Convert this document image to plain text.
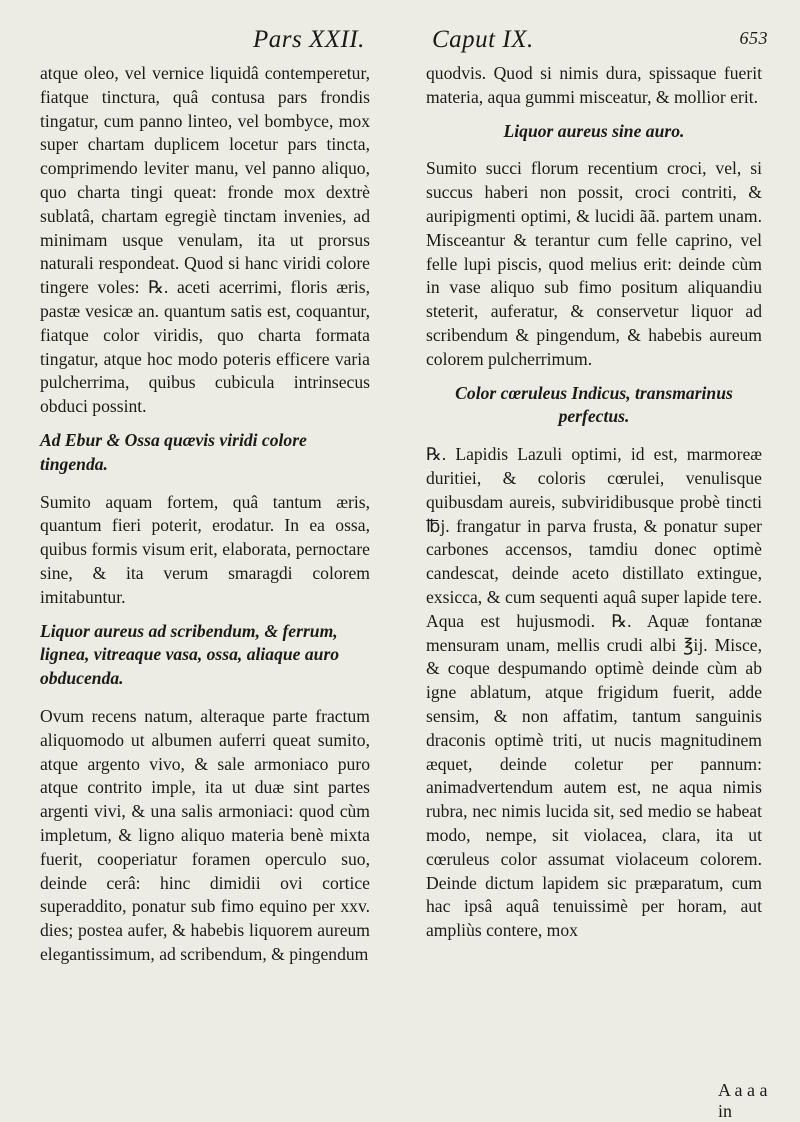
Pars XXII.	Caput IX.	653

atque oleo, vel vernice liquidâ contemperetur, fiatque tinctura, quâ contusa pars frondis tingatur, cum panno linteo, vel bombyce, mox super chartam duplicem locetur pars tincta, comprimendo leviter manu, vel panno aliquo, quo charta tingi queat: fronde mox dextrè sublatâ, chartam egregiè tinctam invenies, ad minimam usque venulam, ita ut prorsus naturali respondeat. Quod si hanc viridi colore tingere voles: ℞. aceti acerrimi, floris æris, pastæ vesicæ an. quantum satis est, coquantur, fiatque color viridis, quo charta formata tingatur, atque hoc modo poteris efficere varia pulcherrima, quibus cubicula intrinsecus obduci possint.

Ad Ebur & Ossa quævis viridi colore tingenda.

Sumito aquam fortem, quâ tantum æris, quantum fieri poterit, erodatur. In ea ossa, quibus formis visum erit, elaborata, pernoctare sine, & ita verum smaragdi colorem imitabuntur.

Liquor aureus ad scribendum, & ferrum, lignea, vitreaque vasa, ossa, aliaque auro obducenda.

Ovum recens natum, alteraque parte fractum aliquomodo ut albumen auferri queat sumito, atque argento vivo, & sale armoniaco puro atque contrito imple, ita ut duæ sint partes argenti vivi, & una salis armoniaci: quod cùm impletum, & ligno aliquo materia benè mixta fuerit, cooperiatur foramen operculo suo, deinde cerâ: hinc dimidii ovi cortice superaddito, ponatur sub fimo equino per xxv. dies; postea aufer, & habebis liquorem aureum elegantissimum, ad scribendum, & pingendum

quodvis. Quod si nimis dura, spissaque fuerit materia, aqua gummi misceatur, & mollior erit.

Liquor aureus sine auro.

Sumito succi florum recentium croci, vel, si succus haberi non possit, croci contriti, & auripigmenti optimi, & lucidi ãã. partem unam. Misceantur & terantur cum felle caprino, vel felle lupi piscis, quod melius erit: deinde cùm in vase aliquo sub fimo positum aliquandiu steterit, auferatur, & conservetur liquor ad scribendum & pingendum, & habebis aureum colorem pulcherrimum.

Color cœruleus Indicus, transmarinus perfectus.

℞. Lapidis Lazuli optimi, id est, marmoreæ duritiei, & coloris cœrulei, venulisque quibusdam aureis, subviridibusque probè tincti ℔j. frangatur in parva frusta, & ponatur super carbones accensos, tamdiu donec optimè candescat, deinde aceto distillato extingue, exsicca, & cum sequenti aquâ super lapide tere. Aqua est hujusmodi. ℞. Aquæ fontanæ mensuram unam, mellis crudi albi ℥ij. Misce, & coque despumando optimè deinde cùm ab igne ablatum, atque frigidum fuerit, adde sensim, & non affatim, tantum sanguinis draconis optimè triti, ut nucis magnitudinem æquet, deinde coletur per pannum: animadvertendum autem est, ne aqua nimis rubra, nec nimis lucida sit, sed medio se habeat modo, nempe, sit violacea, clara, ita ut cœruleus color assumat violaceum colorem. Deinde dictum lapidem sic præparatum, cum hac ipsâ aquâ tenuissimè per horam, aut ampliùs contere, mox

A a a a in
